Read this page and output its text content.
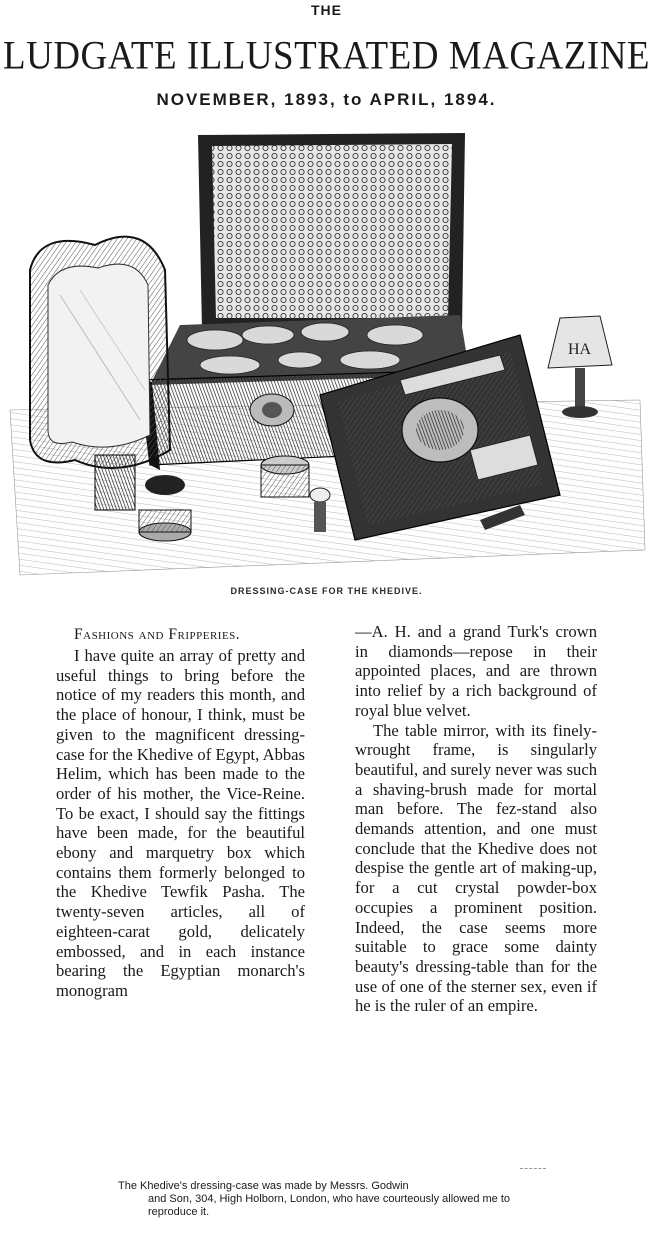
THE
LUDGATE ILLUSTRATED MAGAZINE
NOVEMBER, 1893, to APRIL, 1894.
HA
DRESSING-CASE FOR THE KHEDIVE.
Fashions and Fripperies.

I have quite an array of pretty and useful things to bring before the notice of my readers this month, and the place of honour, I think, must be given to the magnificent dressing-case for the Khedive of Egypt, Abbas Helim, which has been made to the order of his mother, the Vice-Reine. To be exact, I should say the fittings have been made, for the beautiful ebony and marquetry box which contains them formerly belonged to the Khedive Tewfik Pasha. The twenty-seven articles, all of eighteen-carat gold, delicately embossed, and in each instance bearing the Egyptian monarch's monogram

—A. H. and a grand Turk's crown in diamonds—repose in their appointed places, and are thrown into relief by a rich background of royal blue velvet.

The table mirror, with its finely-wrought frame, is singularly beautiful, and surely never was such a shaving-brush made for mortal man before. The fez-stand also demands attention, and one must conclude that the Khedive does not despise the gentle art of making-up, for a cut crystal powder-box occupies a prominent position. Indeed, the case seems more suitable to grace some dainty beauty's dressing-table than for the use of one of the sterner sex, even if he is the ruler of an empire.

The Khedive's dressing-case was made by Messrs. Godwin
and Son, 304, High Holborn, London, who have courteously allowed me to reproduce it.
